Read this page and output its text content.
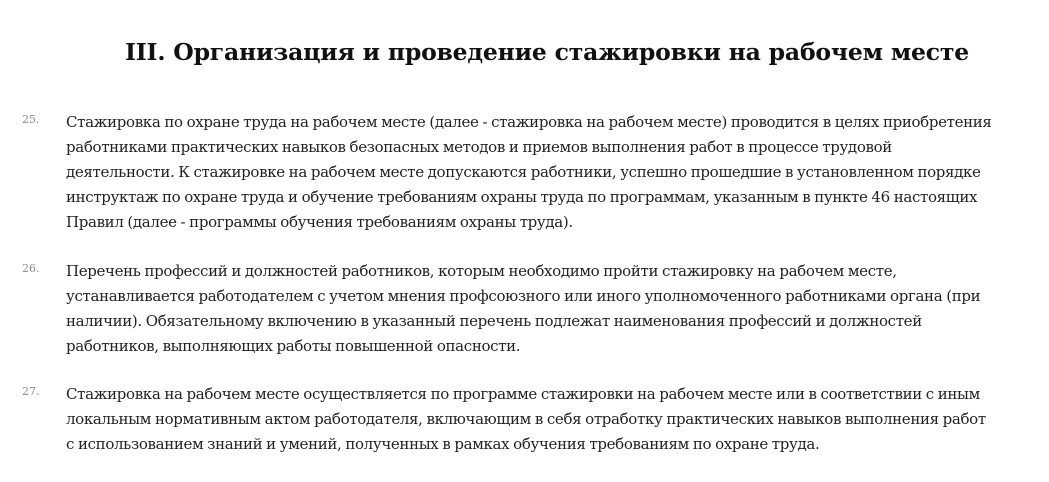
III. Организация и проведение стажировки на рабочем месте
25. Стажировка по охране труда на рабочем месте (далее - стажировка на рабочем месте) проводится в целях приобретения работниками практических навыков безопасных методов и приемов выполнения работ в процессе трудовой деятельности. К стажировке на рабочем месте допускаются работники, успешно прошедшие в установленном порядке инструктаж по охране труда и обучение требованиям охраны труда по программам, указанным в пункте 46 настоящих Правил (далее - программы обучения требованиям охраны труда).

26. Перечень профессий и должностей работников, которым необходимо пройти стажировку на рабочем месте, устанавливается работодателем с учетом мнения профсоюзного или иного уполномоченного работниками органа (при наличии). Обязательному включению в указанный перечень подлежат наименования профессий и должностей работников, выполняющих работы повышенной опасности.

27. Стажировка на рабочем месте осуществляется по программе стажировки на рабочем месте или в соответствии с иным локальным нормативным актом работодателя, включающим в себя отработку практических навыков выполнения работ с использованием знаний и умений, полученных в рамках обучения требованиям по охране труда.
